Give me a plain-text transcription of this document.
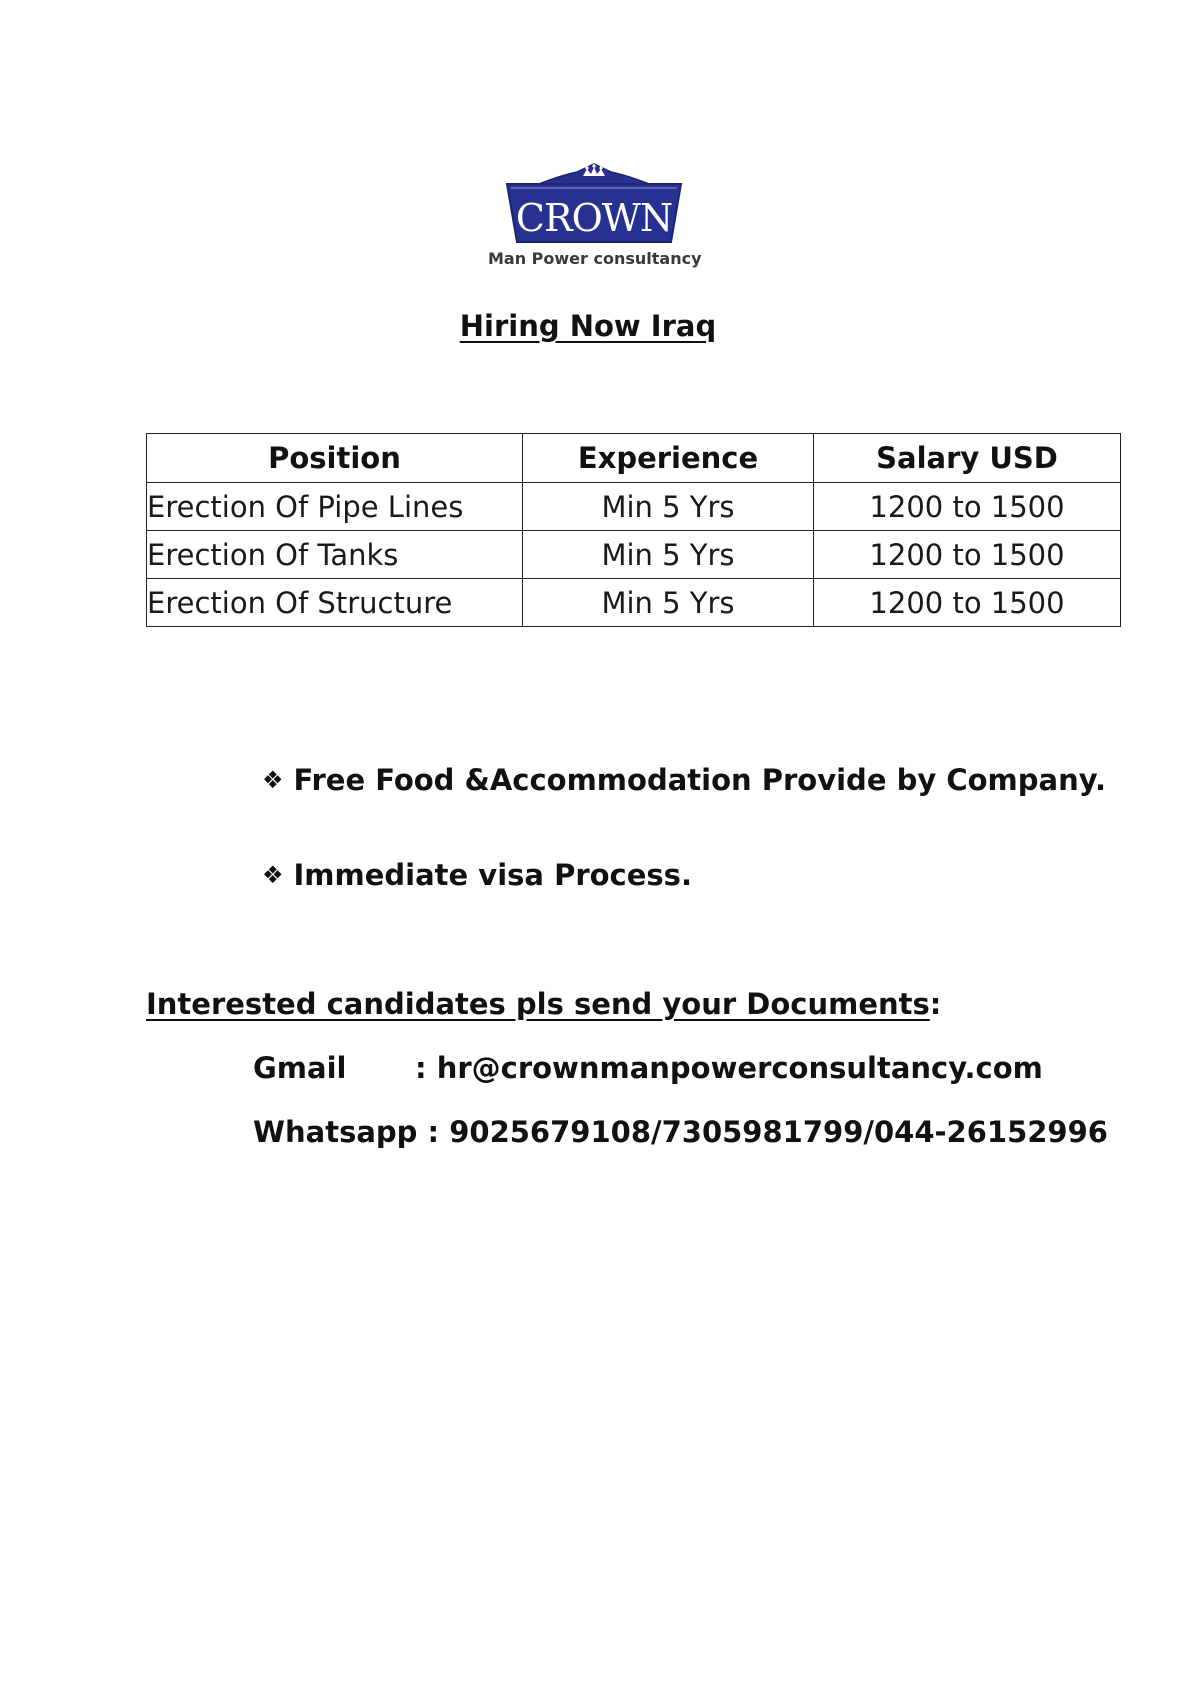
CROWN
Man Power consultancy
Hiring Now Iraq
Position	Experience	Salary USD
Erection Of Pipe Lines	Min 5 Yrs	1200 to 1500
Erection Of Tanks	Min 5 Yrs	1200 to 1500
Erection Of Structure	Min 5 Yrs	1200 to 1500
❖ Free Food &Accommodation Provide by Company.
❖ Immediate visa Process.
Interested candidates pls send your Documents:
Gmail : hr@crownmanpowerconsultancy.com
Whatsapp : 9025679108/7305981799/044-26152996
